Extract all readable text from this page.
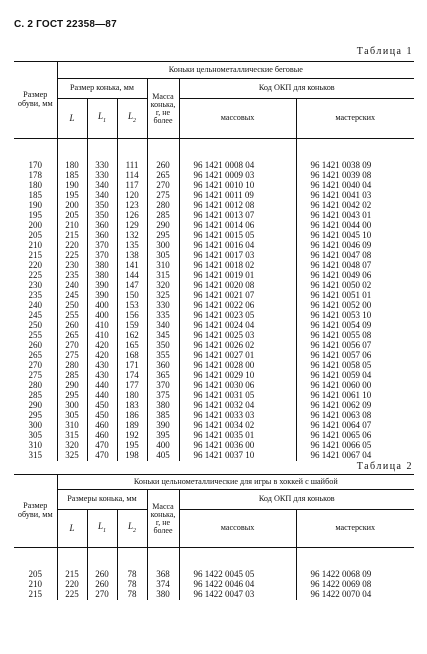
С. 2 ГОСТ 22358—87
Таблица 1
Размер обуви, мм	Коньки цельнометаллические беговые					
	Размер конька, мм			Масса конька, г, не более	Код ОКП для коньков	
	L	$L_1$	$L_2$		массовых	мастерских

170	180	330	111	260	96 1421 0008 04	96 1421 0038 09
178	185	330	114	265	96 1421 0009 03	96 1421 0039 08
180	190	340	117	270	96 1421 0010 10	96 1421 0040 04
185	195	340	120	275	96 1421 0011 09	96 1421 0041 03
190	200	350	123	280	96 1421 0012 08	96 1421 0042 02
195	205	350	126	285	96 1421 0013 07	96 1421 0043 01
200	210	360	129	290	96 1421 0014 06	96 1421 0044 00
205	215	360	132	295	96 1421 0015 05	96 1421 0045 10
210	220	370	135	300	96 1421 0016 04	96 1421 0046 09
215	225	370	138	305	96 1421 0017 03	96 1421 0047 08
220	230	380	141	310	96 1421 0018 02	96 1421 0048 07
225	235	380	144	315	96 1421 0019 01	96 1421 0049 06
230	240	390	147	320	96 1421 0020 08	96 1421 0050 02
235	245	390	150	325	96 1421 0021 07	96 1421 0051 01
240	250	400	153	330	96 1421 0022 06	96 1421 0052 00
245	255	400	156	335	96 1421 0023 05	96 1421 0053 10
250	260	410	159	340	96 1421 0024 04	96 1421 0054 09
255	265	410	162	345	96 1421 0025 03	96 1421 0055 08
260	270	420	165	350	96 1421 0026 02	96 1421 0056 07
265	275	420	168	355	96 1421 0027 01	96 1421 0057 06
270	280	430	171	360	96 1421 0028 00	96 1421 0058 05
275	285	430	174	365	96 1421 0029 10	96 1421 0059 04
280	290	440	177	370	96 1421 0030 06	96 1421 0060 00
285	295	440	180	375	96 1421 0031 05	96 1421 0061 10
290	300	450	183	380	96 1421 0032 04	96 1421 0062 09
295	305	450	186	385	96 1421 0033 03	96 1421 0063 08
300	310	460	189	390	96 1421 0034 02	96 1421 0064 07
305	315	460	192	395	96 1421 0035 01	96 1421 0065 06
310	320	470	195	400	96 1421 0036 00	96 1421 0066 05
315	325	470	198	405	96 1421 0037 10	96 1421 0067 04
Таблица 2
Размер обуви, мм	Коньки цельнометаллические для игры в хоккей с шайбой					
	Размеры конька, мм			Масса конька, г, не более	Код ОКП для коньков	
	L	$L_1$	$L_2$		массовых	мастерских

205	215	260	78	368	96 1422 0045 05	96 1422 0068 09
210	220	260	78	374	96 1422 0046 04	96 1422 0069 08
215	225	270	78	380	96 1422 0047 03	96 1422 0070 04
